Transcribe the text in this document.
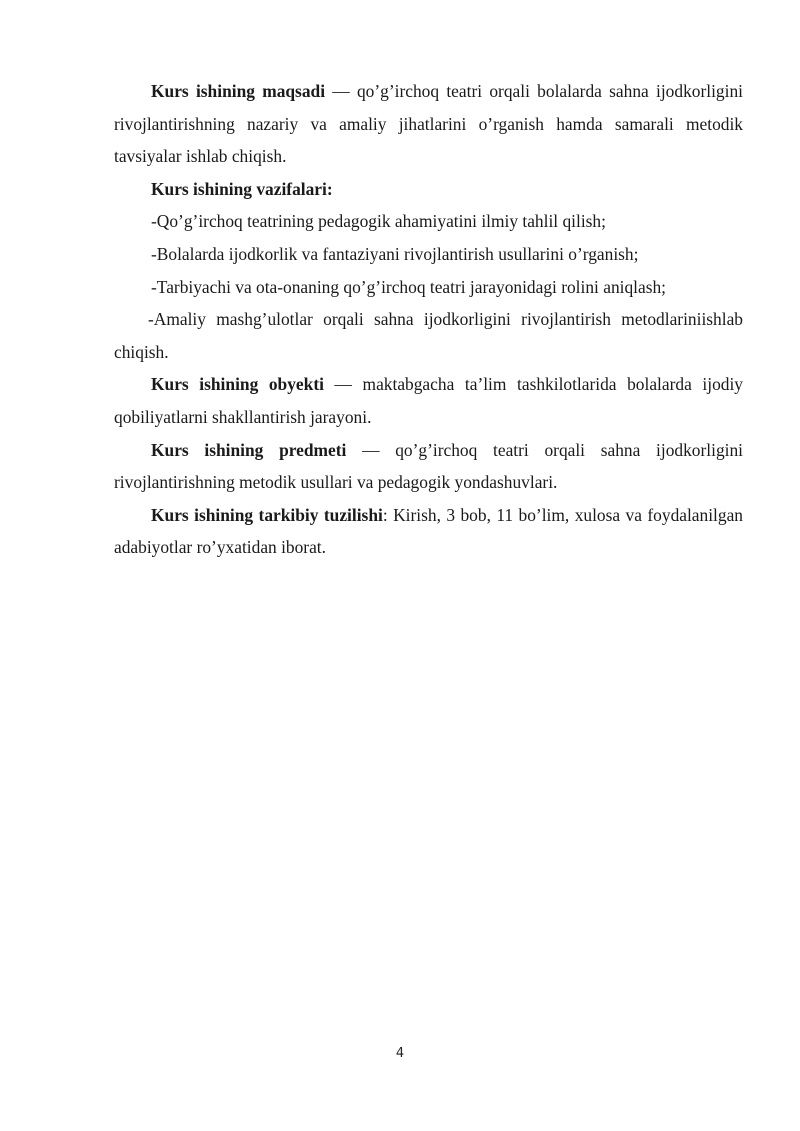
Kurs ishining maqsadi — qo’g’irchoq teatri orqali bolalarda sahna ijodkorligini rivojlantirishning nazariy va amaliy jihatlarini o’rganish hamda samarali metodik tavsiyalar ishlab chiqish.

Kurs ishining vazifalari:

-Qo’g’irchoq teatrining pedagogik ahamiyatini ilmiy tahlil qilish;

-Bolalarda ijodkorlik va fantaziyani rivojlantirish usullarini o’rganish;

-Tarbiyachi va ota-onaning qo’g’irchoq teatri jarayonidagi rolini aniqlash;

-Amaliy mashg’ulotlar orqali sahna ijodkorligini rivojlantirish metodlariniishlab chiqish.

Kurs ishining obyekti — maktabgacha ta’lim tashkilotlarida bolalarda ijodiy qobiliyatlarni shakllantirish jarayoni.

Kurs ishining predmeti — qo’g’irchoq teatri orqali sahna ijodkorligini rivojlantirishning metodik usullari va pedagogik yondashuvlari.

Kurs ishining tarkibiy tuzilishi: Kirish, 3 bob, 11 bo’lim, xulosa va foydalanilgan adabiyotlar ro’yxatidan iborat.

4
